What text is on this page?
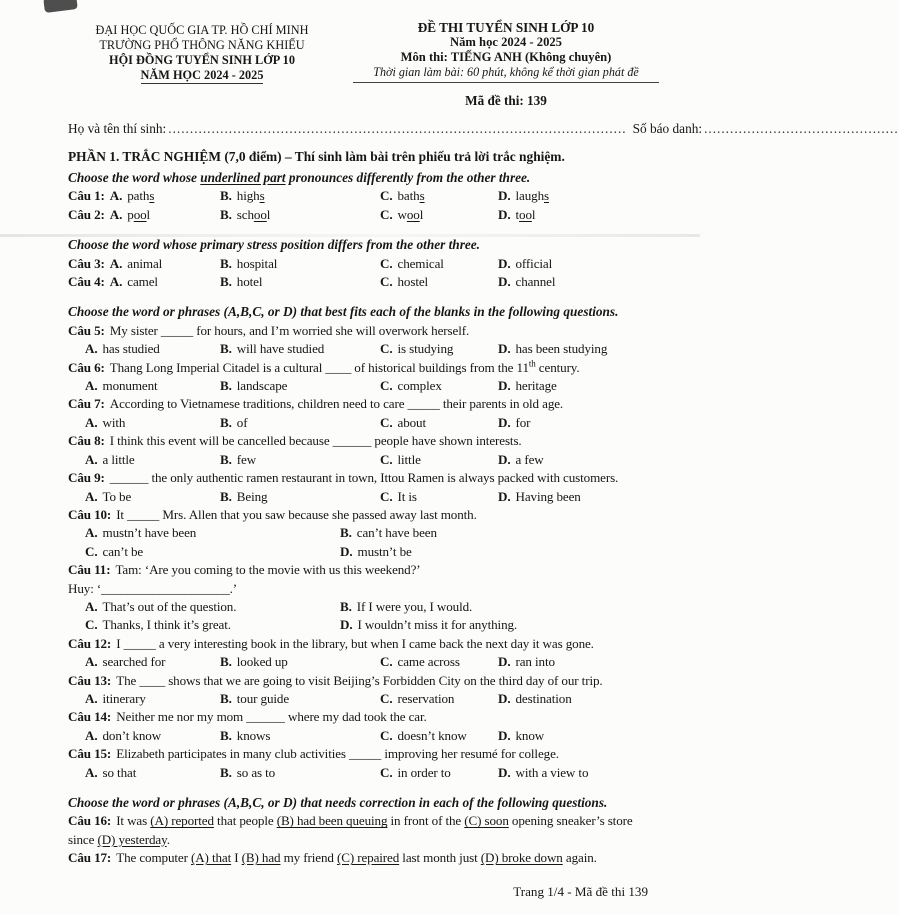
ĐẠI HỌC QUỐC GIA TP. HỒ CHÍ MINH
TRƯỜNG PHỔ THÔNG NĂNG KHIẾU
HỘI ĐỒNG TUYỂN SINH LỚP 10
NĂM HỌC 2024 - 2025
ĐỀ THI TUYỂN SINH LỚP 10
Năm học 2024 - 2025
Môn thi: TIẾNG ANH (Không chuyên)
Thời gian làm bài: 60 phút, không kể thời gian phát đề
Mã đề thi: 139
Họ và tên thí sinh: .......................................................................................................... Số báo danh: .............................................

PHẦN 1. TRẮC NGHIỆM (7,0 điểm) – Thí sinh làm bài trên phiếu trả lời trắc nghiệm.

Choose the word whose underlined part pronounces differently from the other three.

Câu 1: A. paths	B. highs	C. baths	D. laughs
Câu 2: A. pool	B. school	C. wool	D. tool

Choose the word whose primary stress position differs from the other three.

Câu 3: A. animal	B. hospital	C. chemical	D. official
Câu 4: A. camel	B. hotel	C. hostel	D. channel

Choose the word or phrases (A,B,C, or D) that best fits each of the blanks in the following questions.

Câu 5: My sister _____ for hours, and I’m worried she will overwork herself.

A. has studied	B. will have studied	C. is studying	D. has been studying

Câu 6: Thang Long Imperial Citadel is a cultural ____ of historical buildings from the 11th century.

A. monument	B. landscape	C. complex	D. heritage

Câu 7: According to Vietnamese traditions, children need to care _____ their parents in old age.

A. with	B. of	C. about	D. for

Câu 8: I think this event will be cancelled because ______ people have shown interests.

A. a little	B. few	C. little	D. a few

Câu 9: ______ the only authentic ramen restaurant in town, Ittou Ramen is always packed with customers.

A. To be	B. Being	C. It is	D. Having been

Câu 10: It _____ Mrs. Allen that you saw because she passed away last month.

A. mustn’t have been	B. can’t have been
C. can’t be	D. mustn’t be

Câu 11: Tam: ‘Are you coming to the movie with us this weekend?’

Huy: ‘____________________.’

A. That’s out of the question.	B. If I were you, I would.
C. Thanks, I think it’s great.	D. I wouldn’t miss it for anything.

Câu 12: I _____ a very interesting book in the library, but when I came back the next day it was gone.

A. searched for	B. looked up	C. came across	D. ran into

Câu 13: The ____ shows that we are going to visit Beijing’s Forbidden City on the third day of our trip.

A. itinerary	B. tour guide	C. reservation	D. destination

Câu 14: Neither me nor my mom ______ where my dad took the car.

A. don’t know	B. knows	C. doesn’t know	D. know

Câu 15: Elizabeth participates in many club activities _____ improving her resumé for college.

A. so that	B. so as to	C. in order to	D. with a view to

Choose the word or phrases (A,B,C, or D) that needs correction in each of the following questions.

Câu 16: It was (A) reported that people (B) had been queuing in front of the (C) soon opening sneaker’s store since (D) yesterday.

Câu 17: The computer (A) that I (B) had my friend (C) repaired last month just (D) broke down again.

Trang 1/4 - Mã đề thi 139
